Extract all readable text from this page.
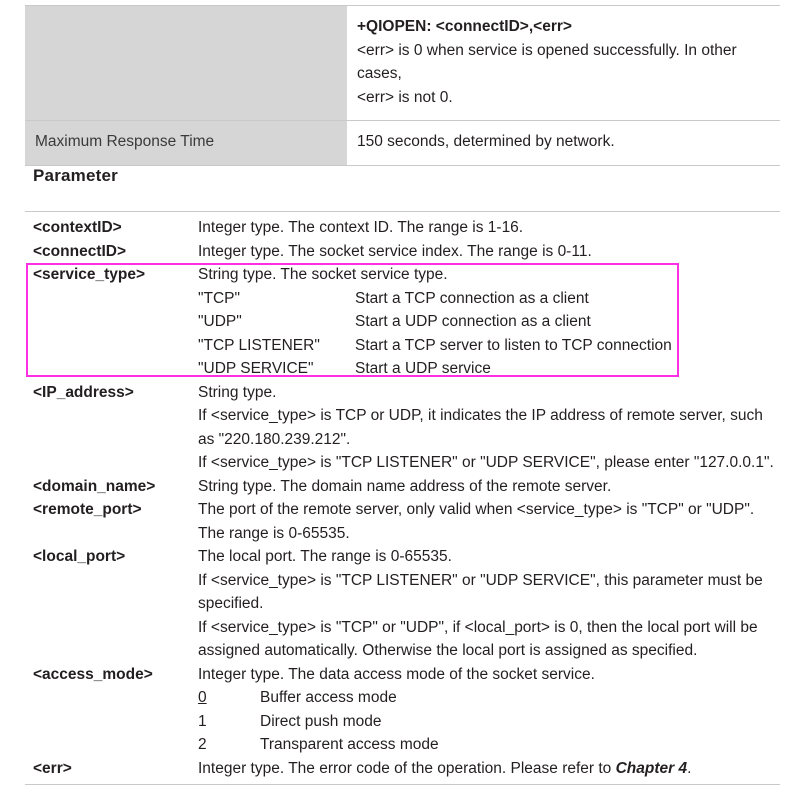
	+QIOPEN: <connectID>,<err>
<err> is 0 when service is opened successfully. In other cases,
<err> is not 0.

Maximum Response Time	150 seconds, determined by network.
Parameter
<contextID>	Integer type. The context ID. The range is 1-16.

<connectID>	Integer type. The socket service index. The range is 0-11.

<service_type>	String type. The socket service type.
"TCP"	Start a TCP connection as a client
"UDP"	Start a UDP connection as a client
"TCP LISTENER"	Start a TCP server to listen to TCP connection
"UDP SERVICE"	Start a UDP service

<IP_address>	String type.
If <service_type> is TCP or UDP, it indicates the IP address of remote server, such as "220.180.239.212".
If <service_type> is "TCP LISTENER" or "UDP SERVICE", please enter "127.0.0.1".

<domain_name>	String type. The domain name address of the remote server.

<remote_port>	The port of the remote server, only valid when <service_type> is "TCP" or "UDP". The range is 0-65535.

<local_port>	The local port. The range is 0-65535.
If <service_type> is "TCP LISTENER" or "UDP SERVICE", this parameter must be specified.
If <service_type> is "TCP" or "UDP", if <local_port> is 0, then the local port will be assigned automatically. Otherwise the local port is assigned as specified.

<access_mode>	Integer type. The data access mode of the socket service.
0	Buffer access mode
1	Direct push mode
2	Transparent access mode

<err>	Integer type. The error code of the operation. Please refer to Chapter 4.
